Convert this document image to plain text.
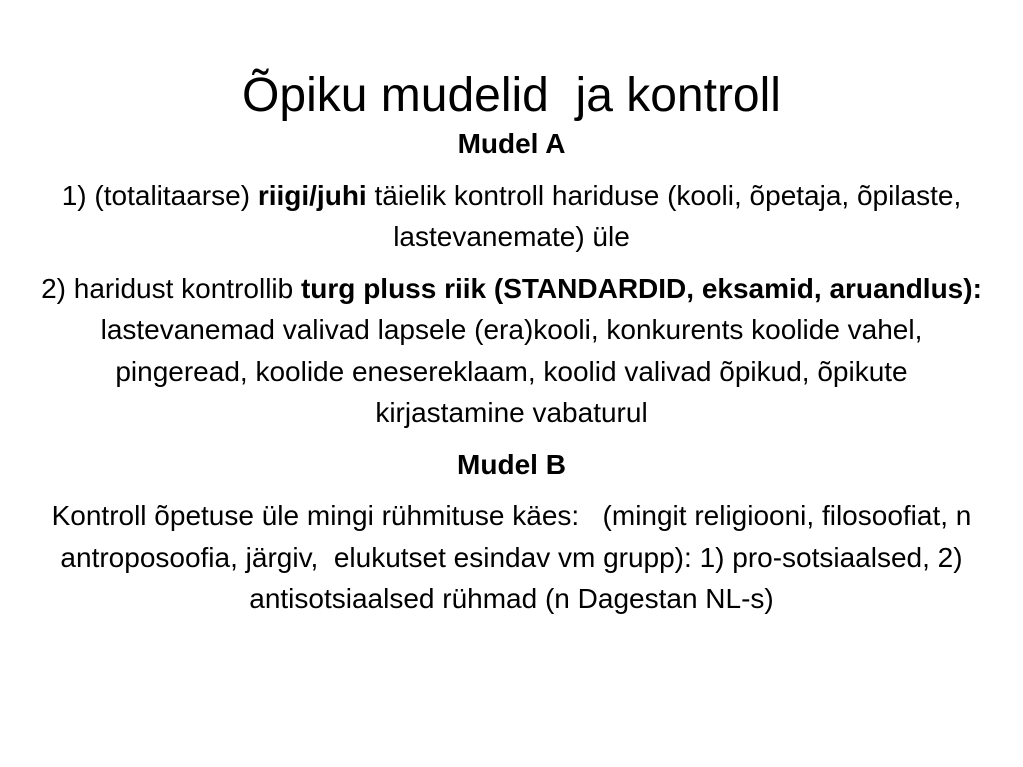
Õpiku mudelid  ja kontroll
Mudel A
1) (totalitaarse) riigi/juhi täielik kontroll hariduse (kooli, õpetaja, õpilaste, lastevanemate) üle
2) haridust kontrollib turg pluss riik (STANDARDID, eksamid, aruandlus): lastevanemad valivad lapsele (era)kooli, konkurents koolide vahel,   pingeread, koolide enesereklaam, koolid valivad õpikud, õpikute kirjastamine vabaturul
Mudel B
Kontroll õpetuse üle mingi rühmituse käes:   (mingit religiooni, filosoofiat, n antroposoofia, järgiv,  elukutset esindav vm grupp): 1) pro-sotsiaalsed, 2) antisotsiaalsed rühmad (n Dagestan NL-s)
